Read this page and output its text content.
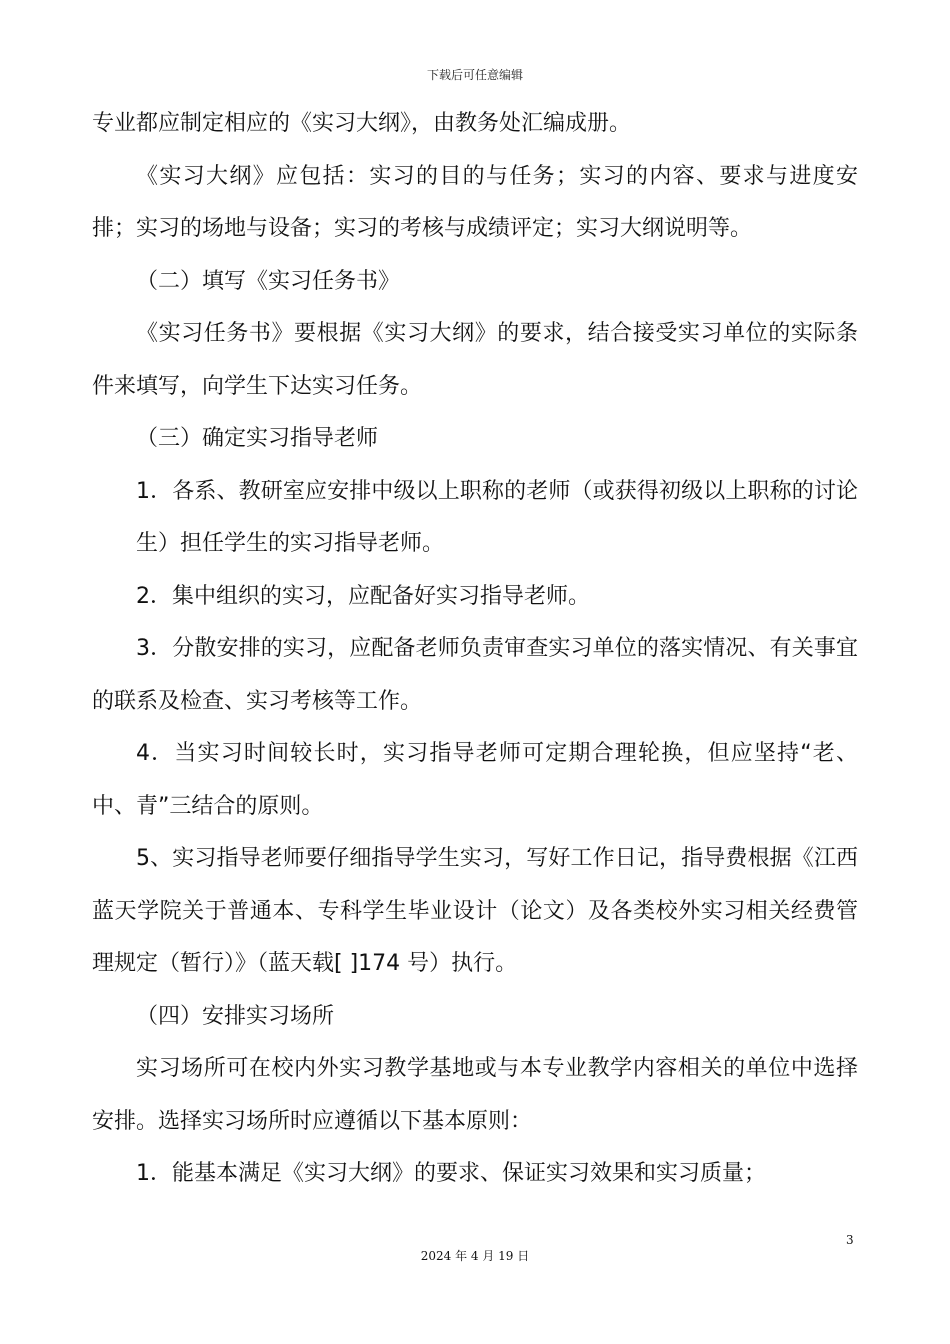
下载后可任意编辑

专业都应制定相应的《实习大纲》，由教务处汇编成册。

《实习大纲》应包括：实习的目的与任务；实习的内容、要求与进度安排；实习的场地与设备；实习的考核与成绩评定；实习大纲说明等。

（二）填写《实习任务书》

《实习任务书》要根据《实习大纲》的要求，结合接受实习单位的实际条件来填写，向学生下达实习任务。

（三）确定实习指导老师

1．各系、教研室应安排中级以上职称的老师（或获得初级以上职称的讨论生）担任学生的实习指导老师。

2．集中组织的实习，应配备好实习指导老师。

3．分散安排的实习，应配备老师负责审查实习单位的落实情况、有关事宜的联系及检查、实习考核等工作。

4．当实习时间较长时，实习指导老师可定期合理轮换，但应坚持“老、中、青”三结合的原则。

5、实习指导老师要仔细指导学生实习，写好工作日记，指导费根据《江西蓝天学院关于普通本、专科学生毕业设计（论文）及各类校外实习相关经费管理规定（暂行）》（蓝天载[ ]174 号）执行。

（四）安排实习场所

实习场所可在校内外实习教学基地或与本专业教学内容相关的单位中选择安排。选择实习场所时应遵循以下基本原则：

1．能基本满足《实习大纲》的要求、保证实习效果和实习质量；

3
2024 年 4 月 19 日
